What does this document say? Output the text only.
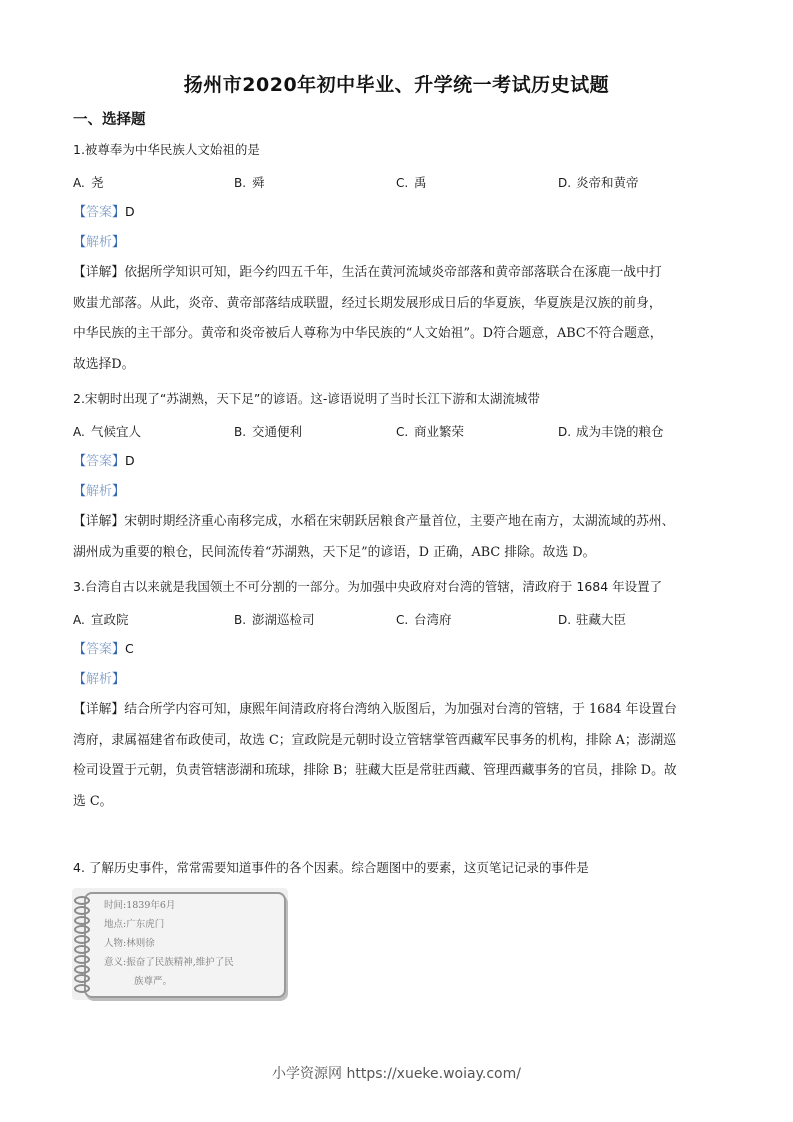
扬州市2020年初中毕业、升学统一考试历史试题
一、选择题
1.被尊奉为中华民族人文始祖的是
A. 尧	B. 舜	C. 禹	D. 炎帝和黄帝
【答案】D
【解析】
【详解】依据所学知识可知，距今约四五千年，生活在黄河流域炎帝部落和黄帝部落联合在涿鹿一战中打
败蚩尤部落。从此，炎帝、黄帝部落结成联盟，经过长期发展形成日后的华夏族，华夏族是汉族的前身，
中华民族的主干部分。黄帝和炎帝被后人尊称为中华民族的“人文始祖”。D符合题意，ABC不符合题意，
故选择D。
2.宋朝时出现了“苏湖熟，天下足”的谚语。这-谚语说明了当时长江下游和太湖流城带
A. 气候宜人	B. 交通便利	C. 商业繁荣	D. 成为丰饶的粮仓
【答案】D
【解析】
【详解】宋朝时期经济重心南移完成，水稻在宋朝跃居粮食产量首位，主要产地在南方，太湖流域的苏州、
湖州成为重要的粮仓，民间流传着“苏湖熟，天下足”的谚语，D 正确，ABC 排除。故选 D。
3.台湾自古以来就是我国领土不可分割的一部分。为加强中央政府对台湾的管辖，清政府于 1684 年设置了
A. 宣政院	B. 澎湖巡检司	C. 台湾府	D. 驻藏大臣
【答案】C
【解析】
【详解】结合所学内容可知，康熙年间清政府将台湾纳入版图后，为加强对台湾的管辖，于 1684 年设置台
湾府，隶属福建省布政使司，故选 C；宣政院是元朝时设立管辖掌管西藏军民事务的机构，排除 A；澎湖巡
检司设置于元朝，负责管辖澎湖和琉球，排除 B；驻藏大臣是常驻西藏、管理西藏事务的官员，排除 D。故
选 C。
4. 了解历史事件，常常需要知道事件的各个因素。综合题图中的要素，这页笔记记录的事件是
时间:1839年6月
地点:广东虎门
人物:林则徐
意义:振奋了民族精神,维护了民
族尊严。
小学资源网 https://xueke.woiay.com/
